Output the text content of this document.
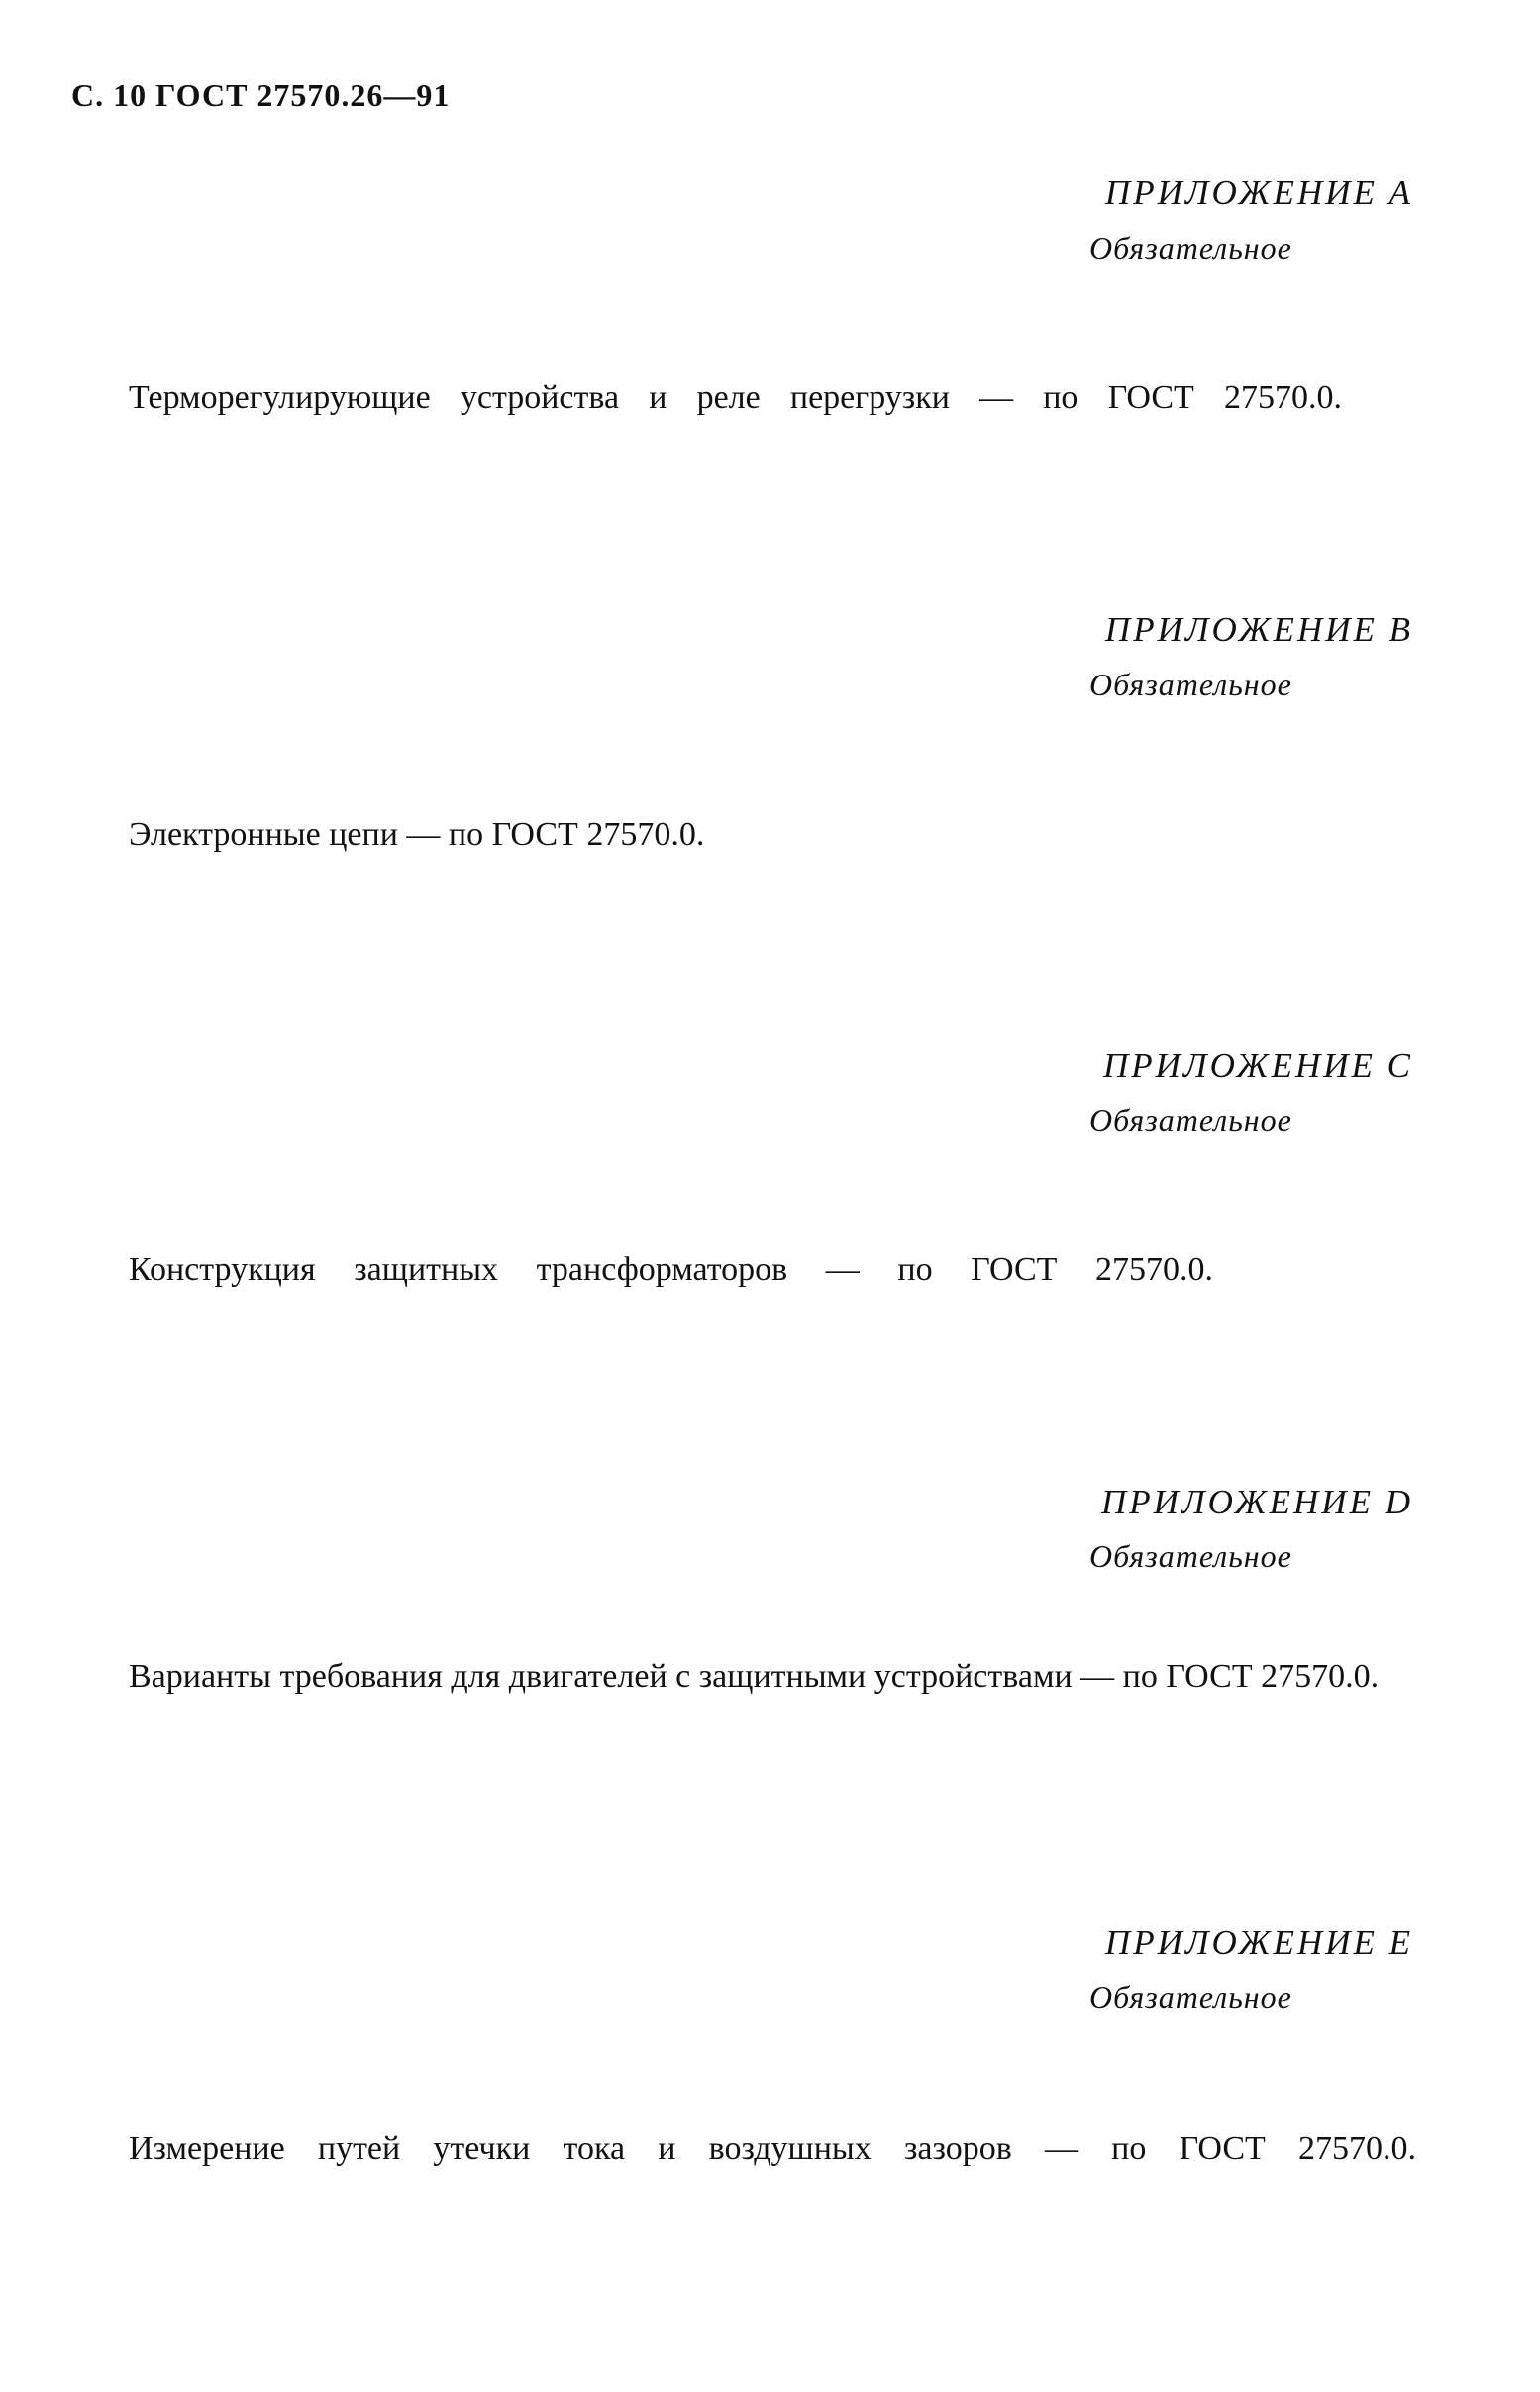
С. 10 ГОСТ 27570.26—91
ПРИЛОЖЕНИЕ А
Обязательное
Терморегулирующие устройства и реле перегрузки — по ГОСТ 27570.0.
ПРИЛОЖЕНИЕ В
Обязательное
Электронные цепи — по ГОСТ 27570.0.
ПРИЛОЖЕНИЕ С
Обязательное
Конструкция защитных трансформаторов — по ГОСТ 27570.0.
ПРИЛОЖЕНИЕ D
Обязательное
Варианты требования для двигателей с защитными устройствами — по ГОСТ 27570.0.
ПРИЛОЖЕНИЕ Е
Обязательное
Измерение путей утечки тока и воздушных зазоров — по ГОСТ 27570.0.
